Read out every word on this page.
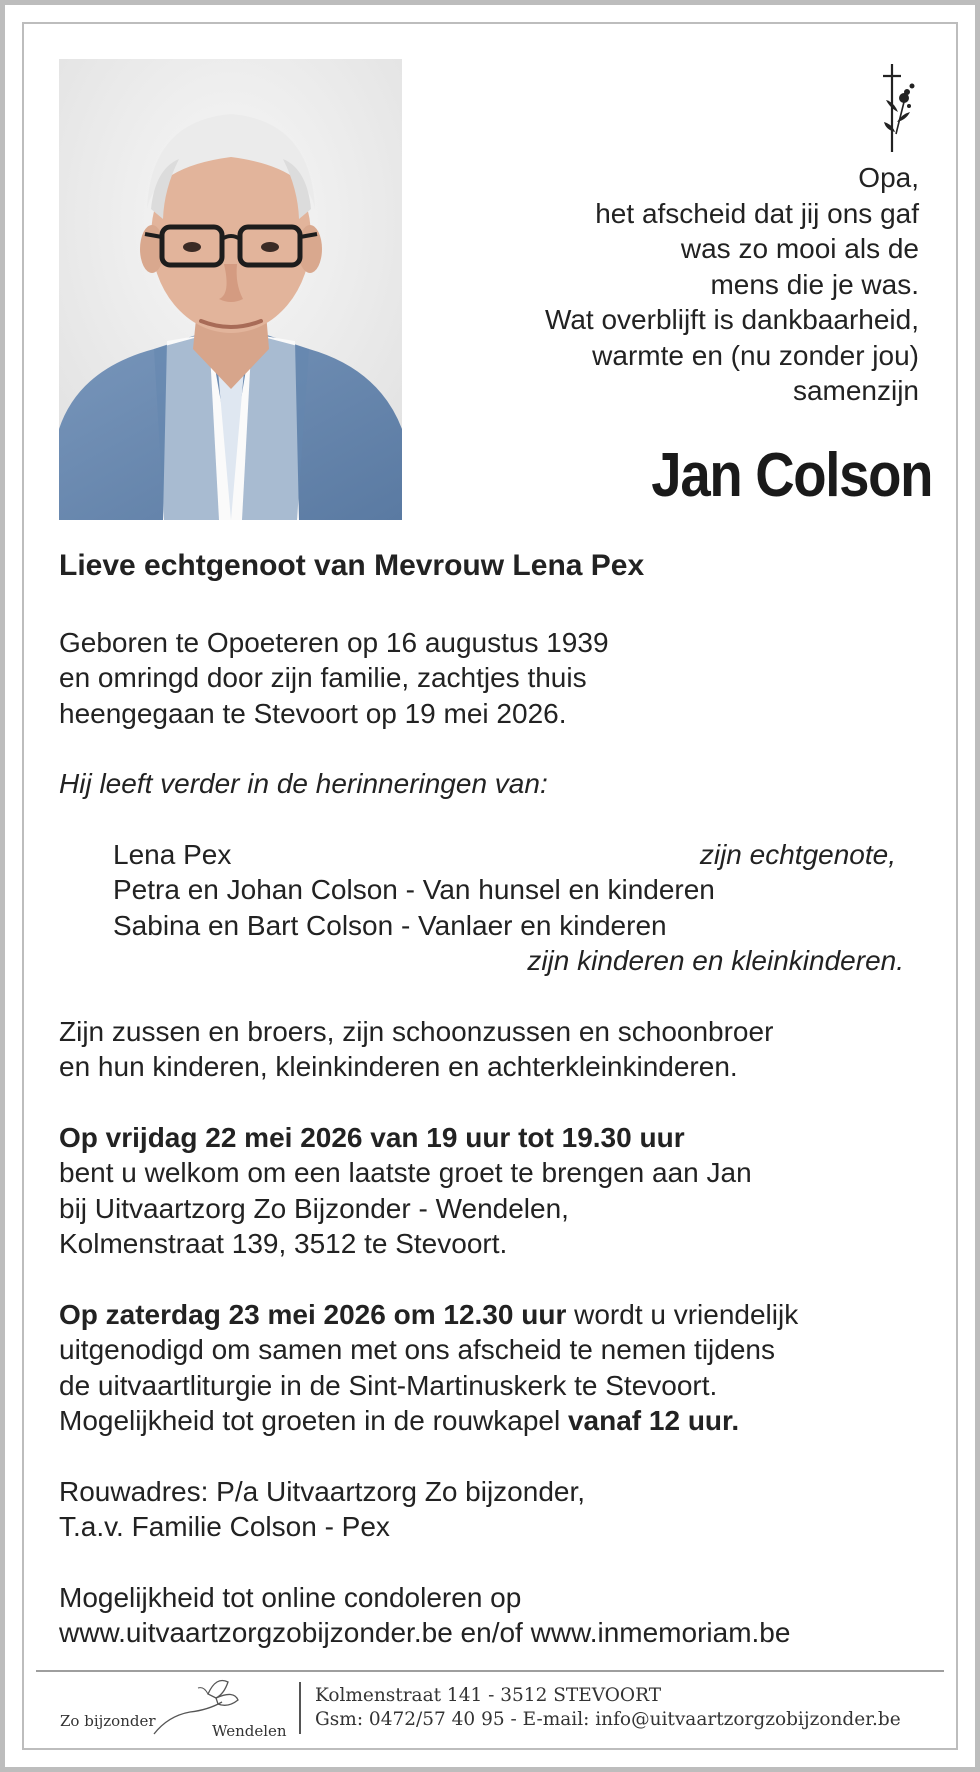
Opa,
het afscheid dat jij ons gaf
was zo mooi als de
mens die je was.
Wat overblijft is dankbaarheid,
warmte en (nu zonder jou)
samenzijn
Jan Colson

Lieve echtgenoot van Mevrouw Lena Pex

Geboren te Opoeteren op 16 augustus 1939

en omringd door zijn familie, zachtjes thuis

heengegaan te Stevoort op 19 mei 2026.

Hij leeft verder in de herinneringen van:

Lena Pex	zijn echtgenote,
Petra en Johan Colson - Van hunsel en kinderen
Sabina en Bart Colson - Vanlaer en kinderen
zijn kinderen en kleinkinderen.

Zijn zussen en broers, zijn schoonzussen en schoonbroer

en hun kinderen, kleinkinderen en achterkleinkinderen.

Op vrijdag 22 mei 2026 van 19 uur tot 19.30 uur

bent u welkom om een laatste groet te brengen aan Jan

bij Uitvaartzorg Zo Bijzonder - Wendelen,

Kolmenstraat 139, 3512 te Stevoort.

Op zaterdag 23 mei 2026 om 12.30 uur wordt u vriendelijk

uitgenodigd om samen met ons afscheid te nemen tijdens

de uitvaartliturgie in de Sint-Martinuskerk te Stevoort.

Mogelijkheid tot groeten in de rouwkapel vanaf 12 uur.

Rouwadres: P/a Uitvaartzorg Zo bijzonder,

T.a.v. Familie Colson - Pex

Mogelijkheid tot online condoleren op

www.uitvaartzorgzobijzonder.be en/of www.inmemoriam.be

Zo bijzonder
Wendelen
Kolmenstraat 141 - 3512 STEVOORT
Gsm: 0472/57 40 95 - E-mail: info@uitvaartzorgzobijzonder.be
